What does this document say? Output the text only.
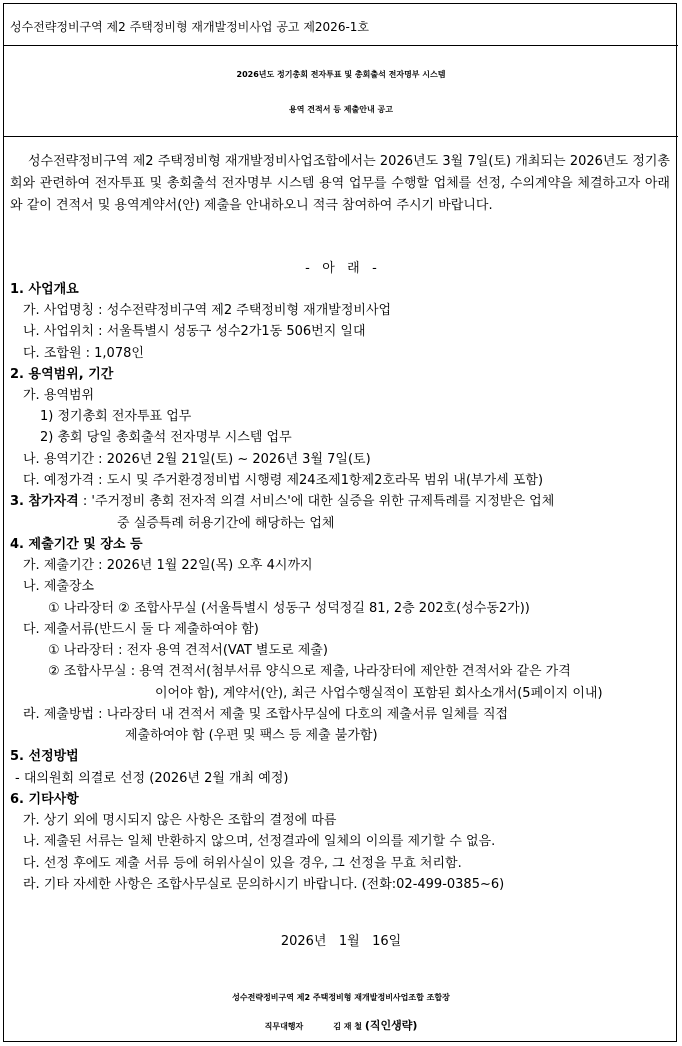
성수전략정비구역 제2 주택정비형 재개발정비사업 공고 제2026-1호
2026년도 정기총회 전자투표 및 총회출석 전자명부 시스템
용역 견적서 등 제출안내 공고

성수전략정비구역 제2 주택정비형 재개발정비사업조합에서는 2026년도 3월 7일(토) 개최되는 2026년도 정기총회와 관련하여 전자투표 및 총회출석 전자명부 시스템 용역 업무를 수행할 업체를 선정, 수의계약을 체결하고자 아래와 같이 견적서 및 용역계약서(안) 제출을 안내하오니 적극 참여하여 주시기 바랍니다.

-   아   래   -
1. 사업개요
가. 사업명칭 : 성수전략정비구역 제2 주택정비형 재개발정비사업
나. 사업위치 : 서울특별시 성동구 성수2가1동 506번지 일대
다. 조합원 : 1,078인
2. 용역범위, 기간
가. 용역범위
1) 정기총회 전자투표 업무
2) 총회 당일 총회출석 전자명부 시스템 업무
나. 용역기간 : 2026년 2월 21일(토) ~ 2026년 3월 7일(토)
다. 예정가격 : 도시 및 주거환경정비법 시행령 제24조제1항제2호라목 범위 내(부가세 포함)
3. 참가자격 : '주거정비 총회 전자적 의결 서비스'에 대한 실증을 위한 규제특례를 지정받은 업체
중 실증특례 허용기간에 해당하는 업체
4. 제출기간 및 장소 등
가. 제출기간 : 2026년 1월 22일(목) 오후 4시까지
나. 제출장소
① 나라장터 ② 조합사무실 (서울특별시 성동구 성덕정길 81, 2층 202호(성수동2가))
다. 제출서류(반드시 둘 다 제출하여야 함)
① 나라장터 : 전자 용역 견적서(VAT 별도로 제출)
② 조합사무실 : 용역 견적서(첨부서류 양식으로 제출, 나라장터에 제안한 견적서와 같은 가격
이어야 함), 계약서(안), 최근 사업수행실적이 포함된 회사소개서(5페이지 이내)
라. 제출방법 : 나라장터 내 견적서 제출 및 조합사무실에 다호의 제출서류 일체를 직접
제출하여야 함 (우편 및 팩스 등 제출 불가함)
5. 선정방법
- 대의원회 의결로 선정 (2026년 2월 개최 예정)
6. 기타사항
가. 상기 외에 명시되지 않은 사항은 조합의 결정에 따름
나. 제출된 서류는 일체 반환하지 않으며, 선정결과에 일체의 이의를 제기할 수 없음.
다. 선정 후에도 제출 서류 등에 허위사실이 있을 경우, 그 선정을 무효 처리함.
라. 기타 자세한 사항은 조합사무실로 문의하시기 바랍니다. (전화:02-499-0385~6)
2026년   1월   16일
성수전략정비구역 제2 주택정비형 재개발정비사업조합 조합장
직무대행자	김 재 철 (직인생략)
